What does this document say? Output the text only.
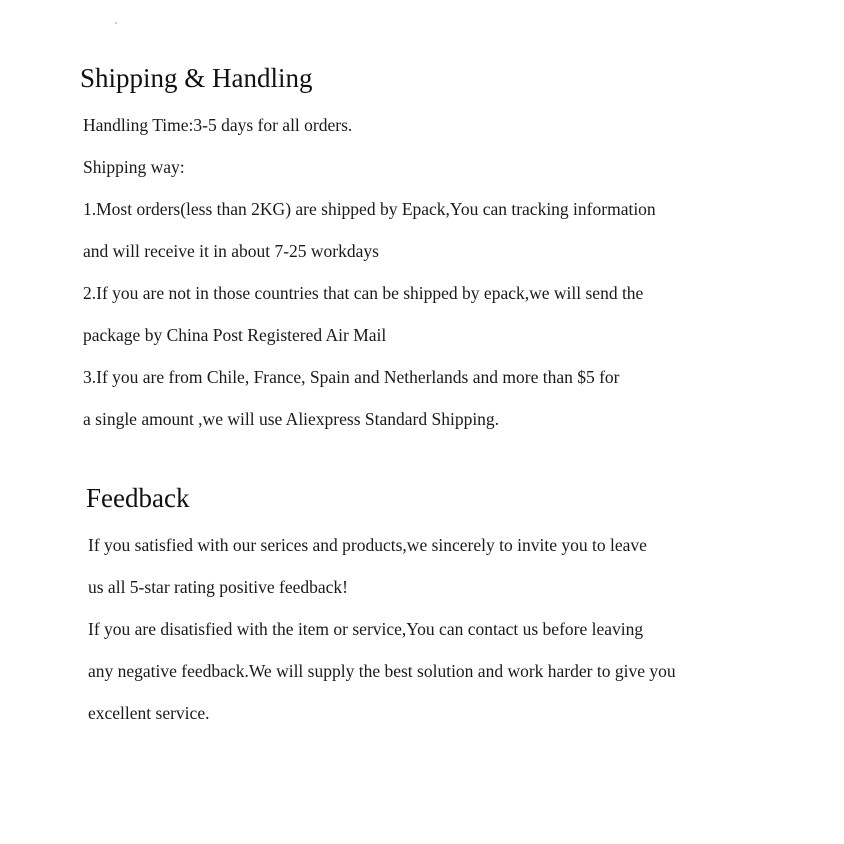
Shipping & Handling

Handling Time:3-5 days for all orders.

Shipping way:

1.Most orders(less than 2KG) are shipped by Epack,You can tracking information

and will receive it in about 7-25 workdays

2.If you are not in those countries that can be shipped by epack,we will send the

package by China Post Registered Air Mail

3.If you are from Chile, France, Spain and Netherlands and more than $5 for

a single amount ,we will use Aliexpress Standard Shipping.

Feedback

If you satisfied with our serices and products,we sincerely to invite you to leave

us all 5-star rating positive feedback!

If you are disatisfied with the item or service,You can contact us before leaving

any negative feedback.We will supply the best solution and work harder to give you

excellent service.
